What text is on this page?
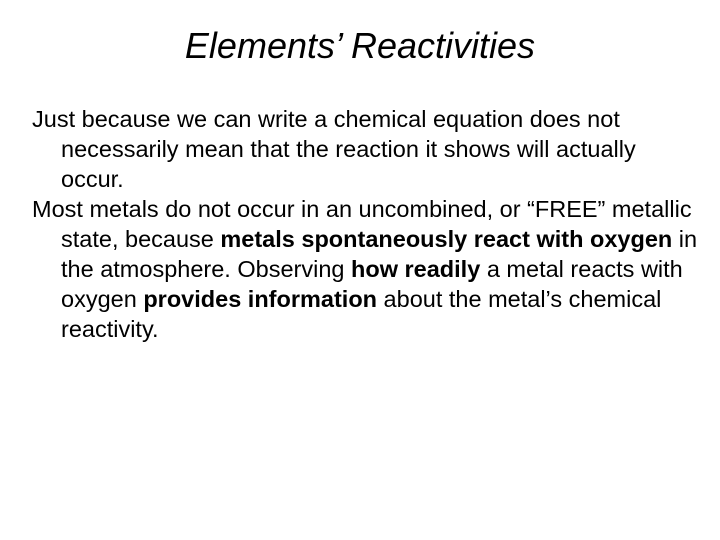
Elements’ Reactivities

Just because we can write a chemical equation does not necessarily mean that the reaction it shows will actually occur.

Most metals do not occur in an uncombined, or “FREE” metallic state, because metals spontaneously react with oxygen in the atmosphere. Observing how readily a metal reacts with oxygen provides information about the metal’s chemical reactivity.
